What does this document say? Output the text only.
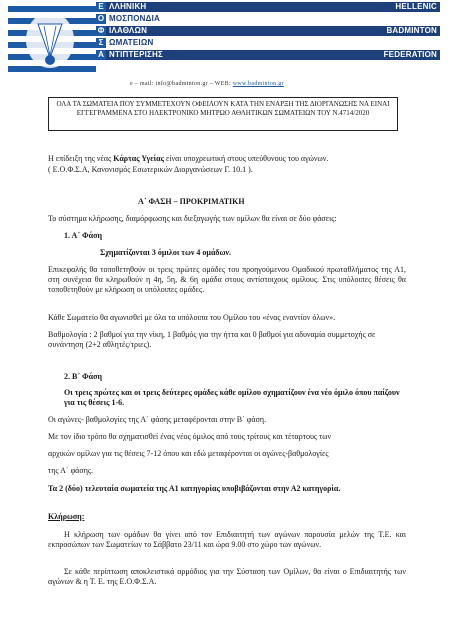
Ε
Ο
Φ
Σ
Α
ΛΛΗΝΙΚΗ	HELLENIC
ΜΟΣΠΟΝΔΙΑ
ΙΛΑΘΛΩΝ	BADMINTON
ΩΜΑΤΕΙΩΝ
ΝΤΙΠΤΕΡΙΣΗΣ	FEDERATION
e – mail: info@badminton.gr – WEB: www.badminton.gr
ΟΛΑ ΤΑ ΣΩΜΑΤΕΙΑ ΠΟΥ ΣΥΜΜΕΤΕΧΟΥΝ ΟΦΕΙΛΟΥΝ ΚΑΤΑ ΤΗΝ ΕΝΑΡΞΗ ΤΗΣ ΔΙΟΡΓΑΝΩΣΗΣ ΝΑ ΕΙΝΑΙ ΕΓΓΕΓΡΑΜΜΕΝΑ ΣΤΟ ΗΛΕΚΤΡΟΝΙΚΟ ΜΗΤΡΩΟ ΑΘΛΗΤΙΚΩΝ ΣΩΜΑΤΕΙΩΝ ΤΟΥ Ν.4714/2020
Η επίδειξη της νέας Κάρτας Υγείας είναι υποχρεωτική στους υπεύθυνους του αγώνων.
( Ε.Ο.Φ.Σ.Α, Κανονισμός Εσωτερικών Διοργανώσεων Γ. 10.1 ).
Α΄ ΦΑΣΗ – ΠΡΟΚΡΙΜΑΤΙΚΗ
Το σύστημα κλήρωσης, διαμόρφωσης και διεξαγωγής των ομίλων θα είναι σε δύο φάσεις:
1. Α΄ Φάση
Σχηματίζονται 3 όμιλοι των 4 ομάδων.
Επικεφαλής θα τοποθετηθούν οι τρεις πρώτες ομάδες του προηγούμενου Ομαδικού πρωταθλήματος της Α1, στη συνέχεια θα κληρωθούν η 4η, 5η, & 6η ομάδα στους αντίστοιχους ομίλους. Στις υπόλοιπες θέσεις θα τοποθετηθούν με κλήρωση οι υπόλοιπες ομάδες.
Κάθε Σωματείο θα αγωνισθεί με όλα τα υπόλοιπα του Ομίλου του «ένας εναντίον όλων».
Βαθμολογία : 2 βαθμοί για την νίκη, 1 βαθμός για την ήττα και 0 βαθμοί για αδυναμία συμμετοχής σε συνάντηση (2+2 αθλητές/τριες).
2. Β΄ Φάση
Οι τρεις πρώτες και οι τρεις δεύτερες ομάδες κάθε ομίλου σχηματίζουν ένα νέο όμιλο όπου παίζουν για τις θέσεις 1-6.
Οι αγώνες- βαθμολογίες της Α΄ φάσης μεταφέρονται στην Β΄ φάση.
Με τον ίδιο τρόπο θα σχηματισθεί ένας νέος όμιλος από τους τρίτους και τέταρτους των
αρχικών ομίλων για τις θέσεις 7-12 όπου και εδώ μεταφέρονται οι αγώνες-βαθμολογίες
της Α΄ φάσης.
Τα 2 (δύο) τελευταία σωματεία της Α1 κατηγορίας υποβιβάζονται στην Α2 κατηγορία.
Κλήρωση:
Η κλήρωση των ομάδων θα γίνει από τον Επιδιαιτητή των αγώνων παρουσία μελών της Τ.Ε. και εκπροσώπων των Σωματείων το Σάββατο 23/11 και ώρα 9.00 στο χώρο των αγώνων.
Σε κάθε περίπτωση αποκλειστικά αρμόδιος για την Σύσταση των Ομίλων, θα είναι ο Επιδιαιτητής των αγώνων & η Τ. Ε. της Ε.Ο.Φ.Σ.Α.
